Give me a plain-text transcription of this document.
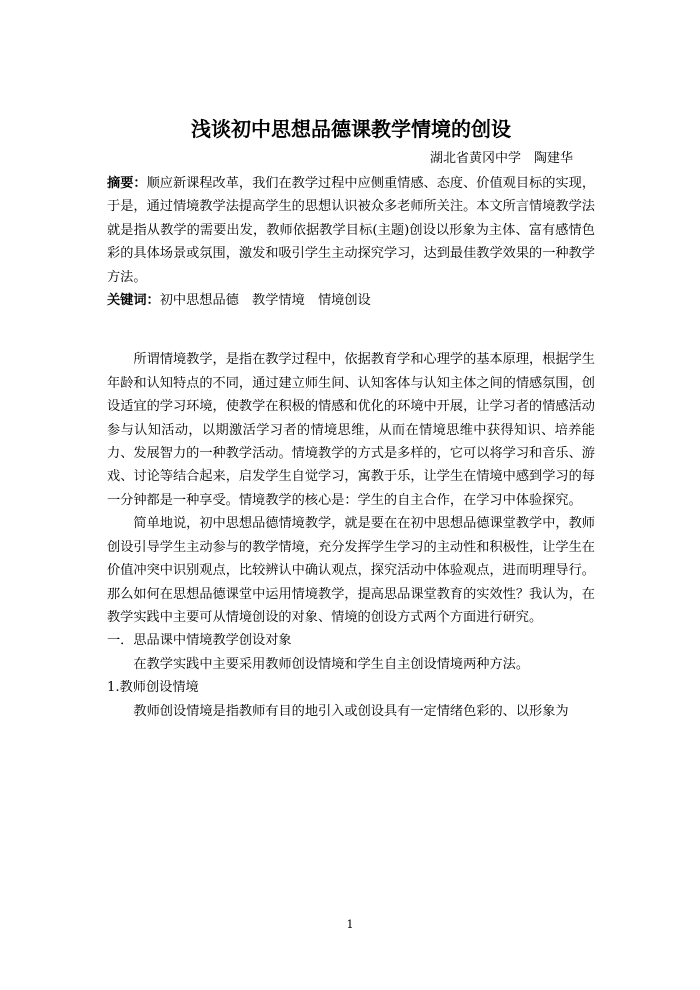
浅谈初中思想品德课教学情境的创设
湖北省黄冈中学　陶建华

摘要：顺应新课程改革，我们在教学过程中应侧重情感、态度、价值观目标的实现，于是，通过情境教学法提高学生的思想认识被众多老师所关注。本文所言情境教学法就是指从教学的需要出发，教师依据教学目标(主题)创设以形象为主体、富有感情色彩的具体场景或氛围，激发和吸引学生主动探究学习，达到最佳教学效果的一种教学方法。

关键词：初中思想品德　教学情境　情境创设

所谓情境教学，是指在教学过程中，依据教育学和心理学的基本原理，根据学生年龄和认知特点的不同，通过建立师生间、认知客体与认知主体之间的情感氛围，创设适宜的学习环境，使教学在积极的情感和优化的环境中开展，让学习者的情感活动参与认知活动，以期激活学习者的情境思维，从而在情境思维中获得知识、培养能力、发展智力的一种教学活动。情境教学的方式是多样的，它可以将学习和音乐、游戏、讨论等结合起来，启发学生自觉学习，寓教于乐，让学生在情境中感到学习的每一分钟都是一种享受。情境教学的核心是：学生的自主合作，在学习中体验探究。

简单地说，初中思想品德情境教学，就是要在在初中思想品德课堂教学中，教师创设引导学生主动参与的教学情境，充分发挥学生学习的主动性和积极性，让学生在价值冲突中识别观点，比较辨认中确认观点，探究活动中体验观点，进而明理导行。那么如何在思想品德课堂中运用情境教学，提高思品课堂教育的实效性？我认为，在教学实践中主要可从情境创设的对象、情境的创设方式两个方面进行研究。

一．思品课中情境教学创设对象

在教学实践中主要采用教师创设情境和学生自主创设情境两种方法。

1.教师创设情境

教师创设情境是指教师有目的地引入或创设具有一定情绪色彩的、以形象为

1
